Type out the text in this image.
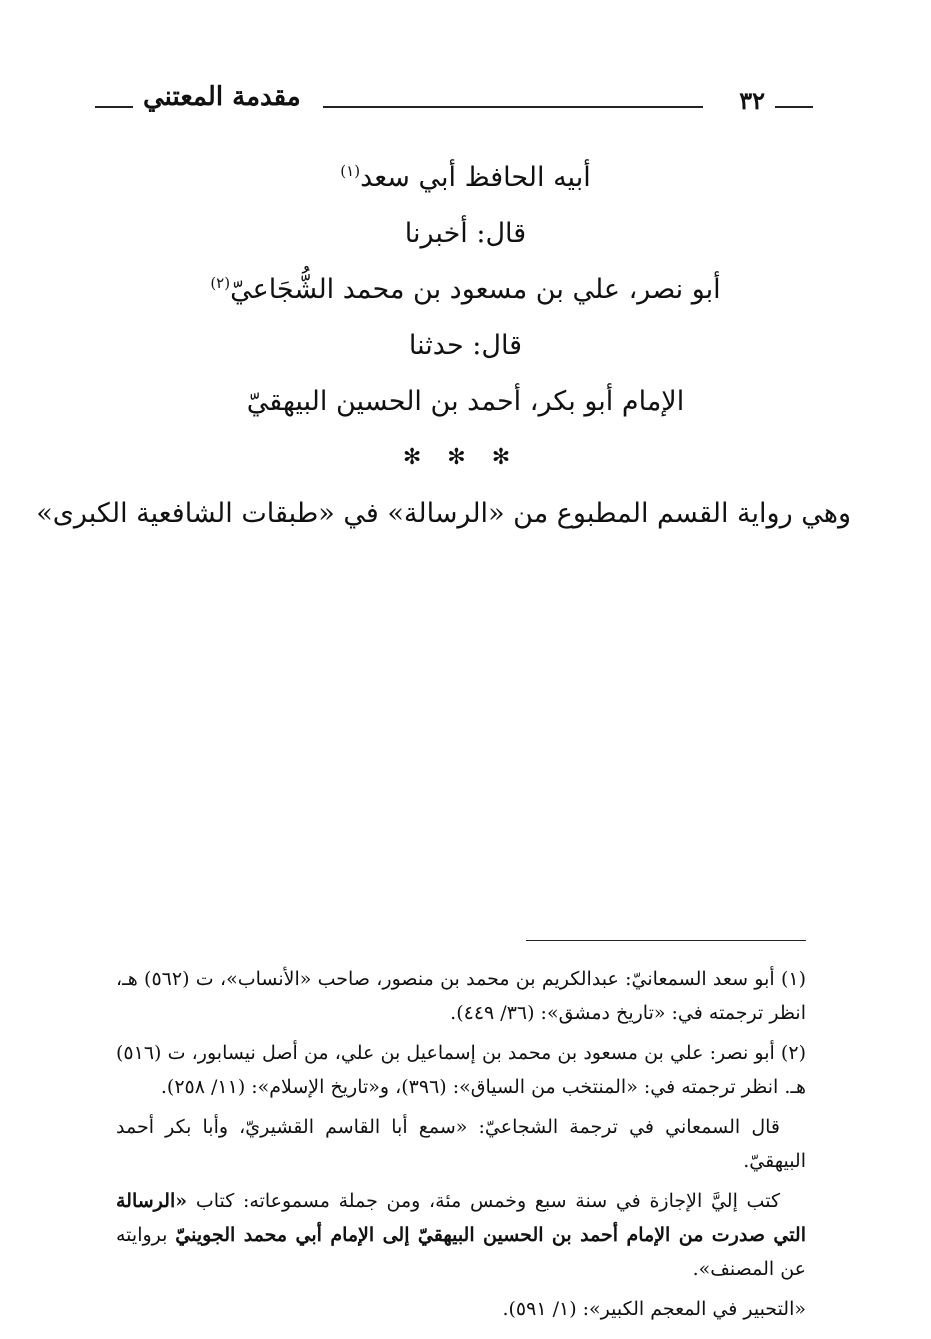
٣٢
مقدمة المعتني
أبيه الحافظ أبي سعد$^{(١)}$
قال: أخبرنا
أبو نصر، علي بن مسعود بن محمد الشُّجَاعيّ$^{(٢)}$
قال: حدثنا
الإمام أبو بكر، أحمد بن الحسين البيهقيّ
✻✻✻
وهي رواية القسم المطبوع من «الرسالة» في «طبقات الشافعية الكبرى»

(١) أبو سعد السمعانيّ: عبدالكريم بن محمد بن منصور، صاحب «الأنساب»، ت (٥٦٢) هـ، انظر ترجمته في: «تاريخ دمشق»: (٣٦/ ٤٤٩).

(٢) أبو نصر: علي بن مسعود بن محمد بن إسماعيل بن علي، من أصل نيسابور، ت (٥١٦) هـ. انظر ترجمته في: «المنتخب من السياق»: (٣٩٦)، و«تاريخ الإسلام»: (١١/ ٢٥٨).

قال السمعاني في ترجمة الشجاعيّ: «سمع أبا القاسم القشيريّ، وأبا بكر أحمد البيهقيّ.

كتب إليَّ الإجازة في سنة سبع وخمس مئة، ومن جملة مسموعاته: كتاب «الرسالة التي صدرت من الإمام أحمد بن الحسين البيهقيّ إلى الإمام أبي محمد الجوينيّ بروايته عن المصنف».

«التحبير في المعجم الكبير»: (١/ ٥٩١).
